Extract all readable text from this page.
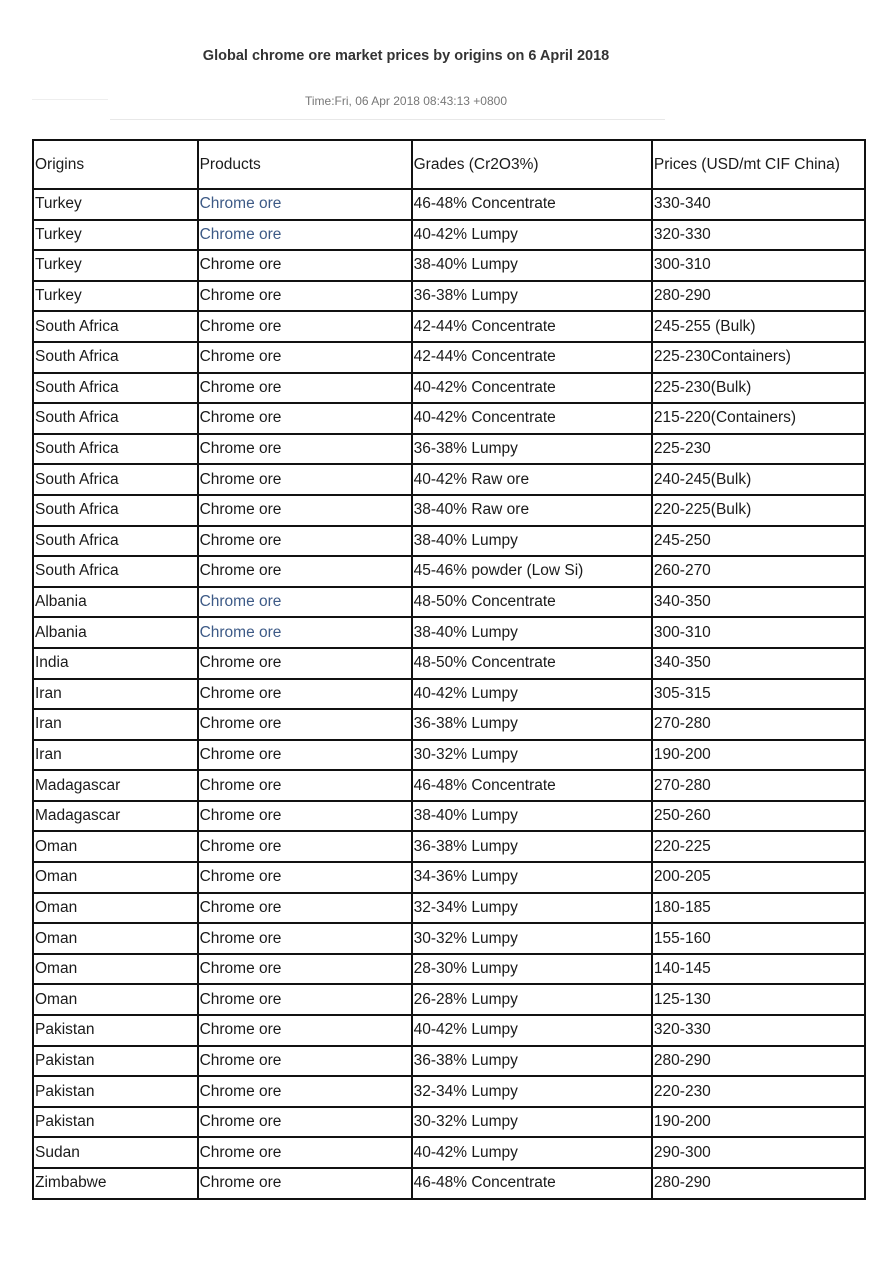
Global chrome ore market prices by origins on 6 April 2018
Time:Fri, 06 Apr 2018 08:43:13 +0800
Origins	Products	Grades (Cr2O3%)	Prices (USD/mt CIF China)
Turkey	Chrome ore	46-48% Concentrate	330-340
Turkey	Chrome ore	40-42% Lumpy	320-330
Turkey	Chrome ore	38-40% Lumpy	300-310
Turkey	Chrome ore	36-38% Lumpy	280-290
South Africa	Chrome ore	42-44% Concentrate	245-255 (Bulk)
South Africa	Chrome ore	42-44% Concentrate	225-230Containers)
South Africa	Chrome ore	40-42% Concentrate	225-230(Bulk)
South Africa	Chrome ore	40-42% Concentrate	215-220(Containers)
South Africa	Chrome ore	36-38% Lumpy	225-230
South Africa	Chrome ore	40-42% Raw ore	240-245(Bulk)
South Africa	Chrome ore	38-40% Raw ore	220-225(Bulk)
South Africa	Chrome ore	38-40% Lumpy	245-250
South Africa	Chrome ore	45-46% powder (Low Si)	260-270
Albania	Chrome ore	48-50% Concentrate	340-350
Albania	Chrome ore	38-40% Lumpy	300-310
India	Chrome ore	48-50% Concentrate	340-350
Iran	Chrome ore	40-42% Lumpy	305-315
Iran	Chrome ore	36-38% Lumpy	270-280
Iran	Chrome ore	30-32% Lumpy	190-200
Madagascar	Chrome ore	46-48% Concentrate	270-280
Madagascar	Chrome ore	38-40% Lumpy	250-260
Oman	Chrome ore	36-38% Lumpy	220-225
Oman	Chrome ore	34-36% Lumpy	200-205
Oman	Chrome ore	32-34% Lumpy	180-185
Oman	Chrome ore	30-32% Lumpy	155-160
Oman	Chrome ore	28-30% Lumpy	140-145
Oman	Chrome ore	26-28% Lumpy	125-130
Pakistan	Chrome ore	40-42% Lumpy	320-330
Pakistan	Chrome ore	36-38% Lumpy	280-290
Pakistan	Chrome ore	32-34% Lumpy	220-230
Pakistan	Chrome ore	30-32% Lumpy	190-200
Sudan	Chrome ore	40-42% Lumpy	290-300
Zimbabwe	Chrome ore	46-48% Concentrate	280-290
